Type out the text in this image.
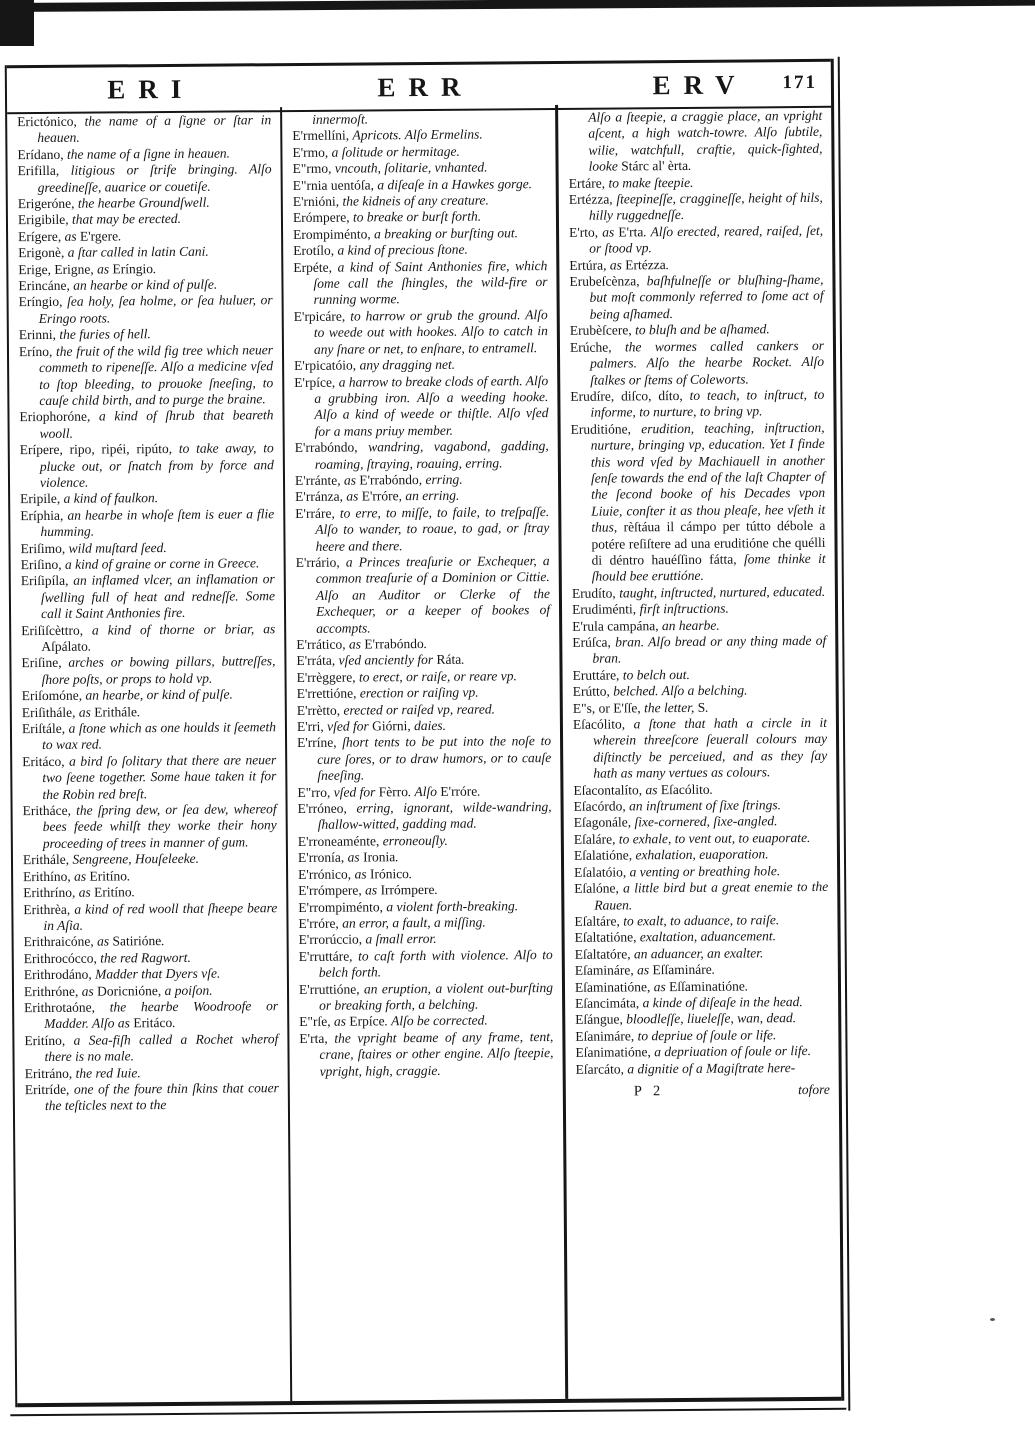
ERI	ERR	ERV	171
Erictónico, the name of a ſigne or ſtar in heauen.
Erídano, the name of a ſigne in heauen.
Erifilla, litigious or ſtrife bringing. Alſo greedineſſe, auarice or couetiſe.
Erigeróne, the hearbe Groundſwell.
Erigibile, that may be erected.
Erígere, as E'rgere.
Erigonè, a ſtar called in latin Cani.
Erige, Erigne, as Eríngio.
Erincáne, an hearbe or kind of pulſe.
Eríngio, ſea holy, ſea holme, or ſea huluer, or Eringo roots.
Erinni, the furies of hell.
Eríno, the fruit of the wild fig tree which neuer commeth to ripeneſſe. Alſo a medicine vſed to ſtop bleeding, to prouoke ſneeſing, to cauſe child birth, and to purge the braine.
Eriophoróne, a kind of ſhrub that beareth wooll.
Erípere, ripo, ripéi, ripúto, to take away, to plucke out, or ſnatch from by force and violence.
Eripile, a kind of faulkon.
Eríphia, an hearbe in whoſe ſtem is euer a flie humming.
Eriſimo, wild muſtard ſeed.
Eriſino, a kind of graine or corne in Greece.
Eriſipíla, an inflamed vlcer, an inflamation or ſwelling full of heat and redneſſe. Some call it Saint Anthonies fire.
Eriſiſcèttro, a kind of thorne or briar, as Aſpálato.
Eriſine, arches or bowing pillars, buttreſſes, ſhore poſts, or props to hold vp.
Eriſomóne, an hearbe, or kind of pulſe.
Eriſithále, as Erithále.
Eriſtále, a ſtone which as one houlds it ſeemeth to wax red.
Eritáco, a bird ſo ſolitary that there are neuer two ſeene together. Some haue taken it for the Robin red breſt.
Eritháce, the ſpring dew, or ſea dew, whereof bees feede whilſt they worke their hony proceeding of trees in manner of gum.
Erithále, Sengreene, Houſeleeke.
Erithíno, as Eritíno.
Erithríno, as Eritíno.
Erithrèa, a kind of red wooll that ſheepe beare in Aſia.
Erithraicóne, as Satirióne.
Erithrocócco, the red Ragwort.
Erithrodáno, Madder that Dyers vſe.
Erithróne, as Doricnióne, a poiſon.
Erithrotaóne, the hearbe Woodroofe or Madder. Alſo as Eritáco.
Eritíno, a Sea-fiſh called a Rochet wherof there is no male.
Eritráno, the red Iuie.
Eritríde, one of the foure thin ſkins that couer the teſticles next to the
innermoſt.
E'rmellíni, Apricots. Alſo Ermelins.
E'rmo, a ſolitude or hermitage.
E"rmo, vncouth, ſolitarie, vnhanted.
E"rnia uentóſa, a diſeaſe in a Hawkes gorge.
E'rnióni, the kidneis of any creature.
Erómpere, to breake or burſt forth.
Erompiménto, a breaking or burſting out.
Erotílo, a kind of precious ſtone.
Erpéte, a kind of Saint Anthonies fire, which ſome call the ſhingles, the wild-fire or running worme.
E'rpicáre, to harrow or grub the ground. Alſo to weede out with hookes. Alſo to catch in any ſnare or net, to enſnare, to entramell.
E'rpicatóio, any dragging net.
E'rpíce, a harrow to breake clods of earth. Alſo a grubbing iron. Alſo a weeding hooke. Alſo a kind of weede or thiſtle. Alſo vſed for a mans priuy member.
E'rrabóndo, wandring, vagabond, gadding, roaming, ſtraying, roauing, erring.
E'rránte, as E'rrabóndo, erring.
E'rránza, as E'rróre, an erring.
E'rráre, to erre, to miſſe, to faile, to treſpaſſe. Alſo to wander, to roaue, to gad, or ſtray heere and there.
E'rrário, a Princes treaſurie or Exchequer, a common treaſurie of a Dominion or Cittie. Alſo an Auditor or Clerke of the Exchequer, or a keeper of bookes of accompts.
E'rrático, as E'rrabóndo.
E'rráta, vſed anciently for Ráta.
E'rrèggere, to erect, or raiſe, or reare vp.
E'rrettióne, erection or raiſing vp.
E'rrètto, erected or raiſed vp, reared.
E'rri, vſed for Giórni, daies.
E'rríne, ſhort tents to be put into the noſe to cure ſores, or to draw humors, or to cauſe ſneeſing.
E"rro, vſed for Fèrro. Alſo E'rróre.
E'rróneo, erring, ignorant, wilde-wandring, ſhallow-witted, gadding mad.
E'rroneaménte, erroneouſly.
E'rronía, as Ironia.
E'rrónico, as Irónico.
E'rrómpere, as Irrómpere.
E'rrompiménto, a violent forth-breaking.
E'rróre, an error, a fault, a miſſing.
E'rrorúccio, a ſmall error.
E'rruttáre, to caſt forth with violence. Alſo to belch forth.
E'rruttióne, an eruption, a violent out-burſting or breaking forth, a belching.
E"rſe, as Erpíce. Alſo be corrected.
E'rta, the vpright beame of any frame, tent, crane, ſtaires or other engine. Alſo ſteepie, vpright, high, craggie.
Alſo a ſteepie, a craggie place, an vpright aſcent, a high watch-towre. Alſo ſubtile, wilie, watchfull, craftie, quick-ſighted, looke Stárc al' èrta.
Ertáre, to make ſteepie.
Ertézza, ſteepineſſe, craggineſſe, height of hils, hilly ruggedneſſe.
E'rto, as E'rta. Alſo erected, reared, raiſed, ſet, or ſtood vp.
Ertúra, as Ertézza.
Erubeſcènza, baſhfulneſſe or bluſhing-ſhame, but moſt commonly referred to ſome act of being aſhamed.
Erubèſcere, to bluſh and be aſhamed.
Erúche, the wormes called cankers or palmers. Alſo the hearbe Rocket. Alſo ſtalkes or ſtems of Coleworts.
Erudíre, diſco, díto, to teach, to inſtruct, to informe, to nurture, to bring vp.
Eruditióne, erudition, teaching, inſtruction, nurture, bringing vp, education. Yet I finde this word vſed by Machiauell in another ſenſe towards the end of the laſt Chapter of the ſecond booke of his Decades vpon Liuie, conſter it as thou pleaſe, hee vſeth it thus, rèſtáua il cámpo per tútto débole a potére reſiſtere ad una eruditióne che quélli di déntro hauéſſino fátta, ſome thinke it ſhould bee eruttióne.
Erudíto, taught, inſtructed, nurtured, educated.
Erudiménti, firſt inſtructions.
E'rula campána, an hearbe.
Erúſca, bran. Alſo bread or any thing made of bran.
Eruttáre, to belch out.
Erútto, belched. Alſo a belching.
E"s, or E'ſſe, the letter, S.
Eſacólito, a ſtone that hath a circle in it wherein threeſcore ſeuerall colours may diſtinctly be perceiued, and as they ſay hath as many vertues as colours.
Eſacontalíto, as Eſacólito.
Eſacórdo, an inſtrument of ſixe ſtrings.
Eſagonále, ſixe-cornered, ſixe-angled.
Eſaláre, to exhale, to vent out, to euaporate.
Eſalatióne, exhalation, euaporation.
Eſalatóio, a venting or breathing hole.
Eſalóne, a little bird but a great enemie to the Rauen.
Eſaltáre, to exalt, to aduance, to raiſe.
Eſaltatióne, exaltation, aduancement.
Eſaltatóre, an aduancer, an exalter.
Eſamináre, as Eſſamináre.
Eſaminatióne, as Eſſaminatióne.
Eſancimáta, a kinde of diſeaſe in the head.
Eſángue, bloodleſſe, liueleſſe, wan, dead.
Eſanimáre, to depriue of ſoule or life.
Eſanimatióne, a depriuation of ſoule or life.
Eſarcáto, a dignitie of a Magiſtrate here-
P 2	tofore
